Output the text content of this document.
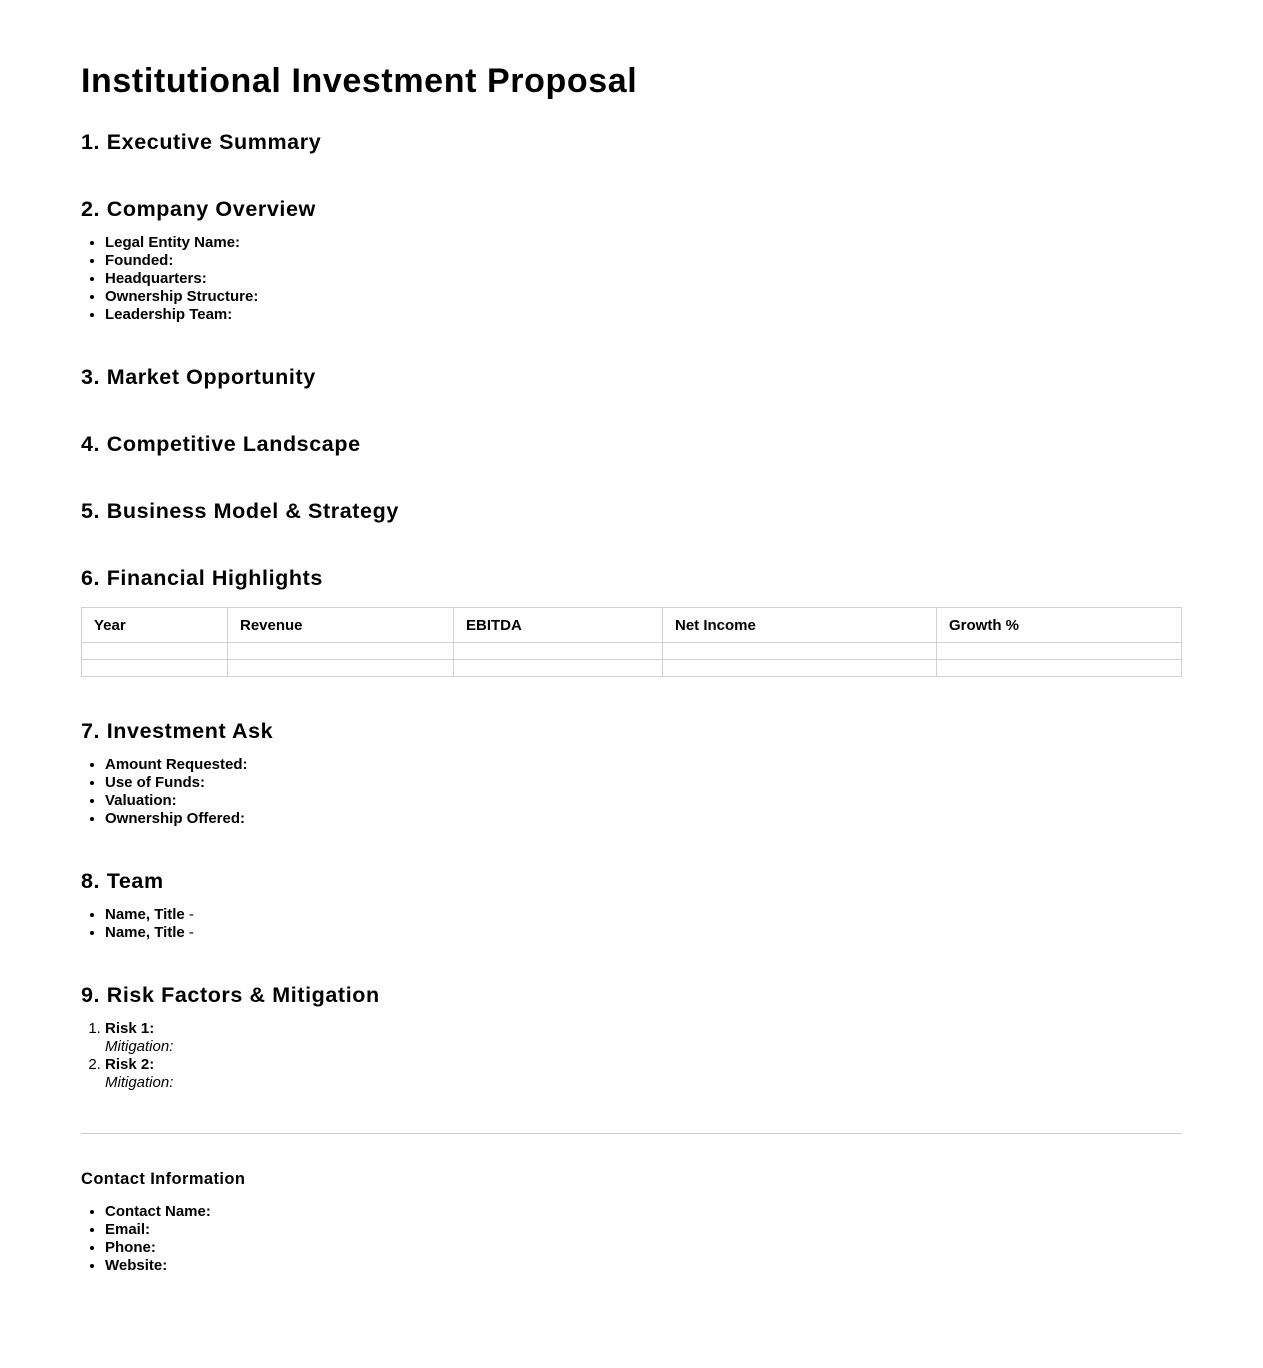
Institutional Investment Proposal
1. Executive Summary
2. Company Overview
• Legal Entity Name:
• Founded:
• Headquarters:
• Ownership Structure:
• Leadership Team:
3. Market Opportunity
4. Competitive Landscape
5. Business Model & Strategy
6. Financial Highlights
Year	Revenue	EBITDA	Net Income	Growth %

7. Investment Ask
• Amount Requested:
• Use of Funds:
• Valuation:
• Ownership Offered:
8. Team
• Name, Title -
• Name, Title -
9. Risk Factors & Mitigation
1. Risk 1:
Mitigation:
2. Risk 2:
Mitigation:
Contact Information
• Contact Name:
• Email:
• Phone:
• Website:
